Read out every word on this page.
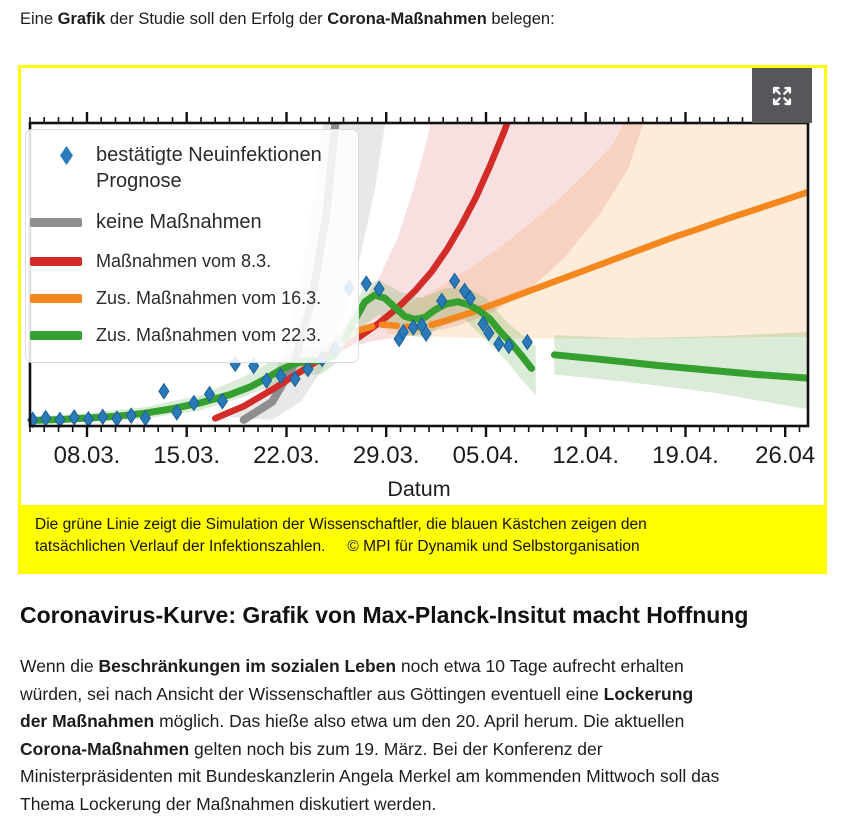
Eine Grafik der Studie soll den Erfolg der Corona-Maßnahmen belegen:

08.03. 15.03. 22.03. 29.03. 05.04. 12.04. 19.04. 26.04
Datum
bestätigte Neuinfektionen
Prognose
keine Maßnahmen
Maßnahmen vom 8.3.
Zus. Maßnahmen vom 16.3.
Zus. Maßnahmen vom 22.3.
Die grüne Linie zeigt die Simulation der Wissenschaftler, die blauen Kästchen zeigen den
tatsächlichen Verlauf der Infektionszahlen. © MPI für Dynamik und Selbstorganisation
Coronavirus-Kurve: Grafik von Max-Planck-Insitut macht Hoffnung

Wenn die Beschränkungen im sozialen Leben noch etwa 10 Tage aufrecht erhalten
würden, sei nach Ansicht der Wissenschaftler aus Göttingen eventuell eine Lockerung
der Maßnahmen möglich. Das hieße also etwa um den 20. April herum. Die aktuellen
Corona-Maßnahmen gelten noch bis zum 19. März. Bei der Konferenz der
Ministerpräsidenten mit Bundeskanzlerin Angela Merkel am kommenden Mittwoch soll das
Thema Lockerung der Maßnahmen diskutiert werden.
